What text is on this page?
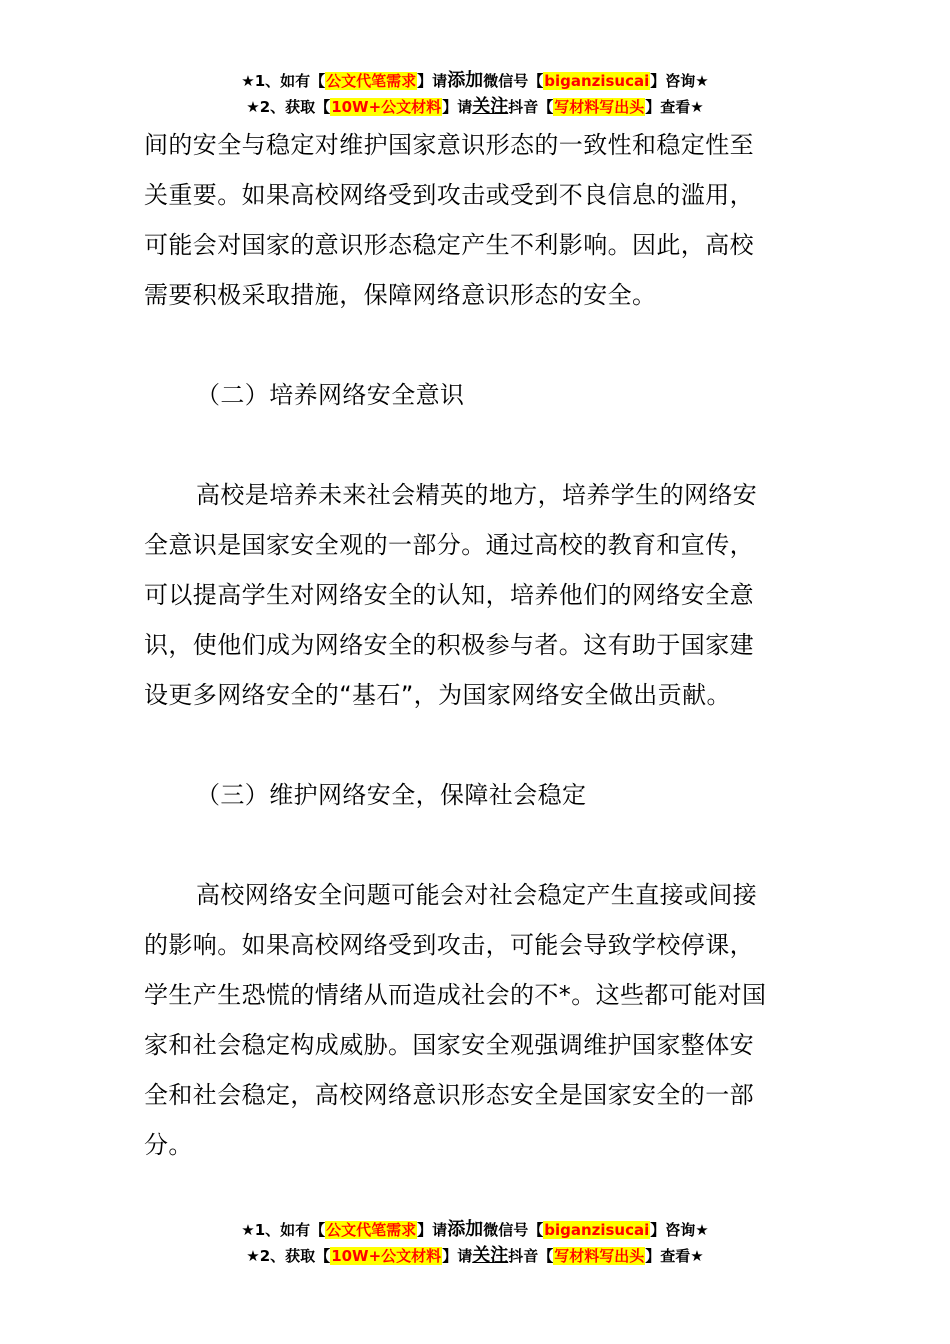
★1、如有【公文代笔需求】请添加微信号【biganzisucai】咨询★
★2、获取【10W+公文材料】请关注抖音【写材料写出头】查看★

间的安全与稳定对维护国家意识形态的一致性和稳定性至

关重要。如果高校网络受到攻击或受到不良信息的滥用，

可能会对国家的意识形态稳定产生不利影响。因此，高校

需要积极采取措施，保障网络意识形态的安全。

（二）培养网络安全意识

高校是培养未来社会精英的地方，培养学生的网络安

全意识是国家安全观的一部分。通过高校的教育和宣传，

可以提高学生对网络安全的认知，培养他们的网络安全意

识，使他们成为网络安全的积极参与者。这有助于国家建

设更多网络安全的“基石”，为国家网络安全做出贡献。

（三）维护网络安全，保障社会稳定

高校网络安全问题可能会对社会稳定产生直接或间接

的影响。如果高校网络受到攻击，可能会导致学校停课，

学生产生恐慌的情绪从而造成社会的不*。这些都可能对国

家和社会稳定构成威胁。国家安全观强调维护国家整体安

全和社会稳定，高校网络意识形态安全是国家安全的一部

分。

★1、如有【公文代笔需求】请添加微信号【biganzisucai】咨询★
★2、获取【10W+公文材料】请关注抖音【写材料写出头】查看★
